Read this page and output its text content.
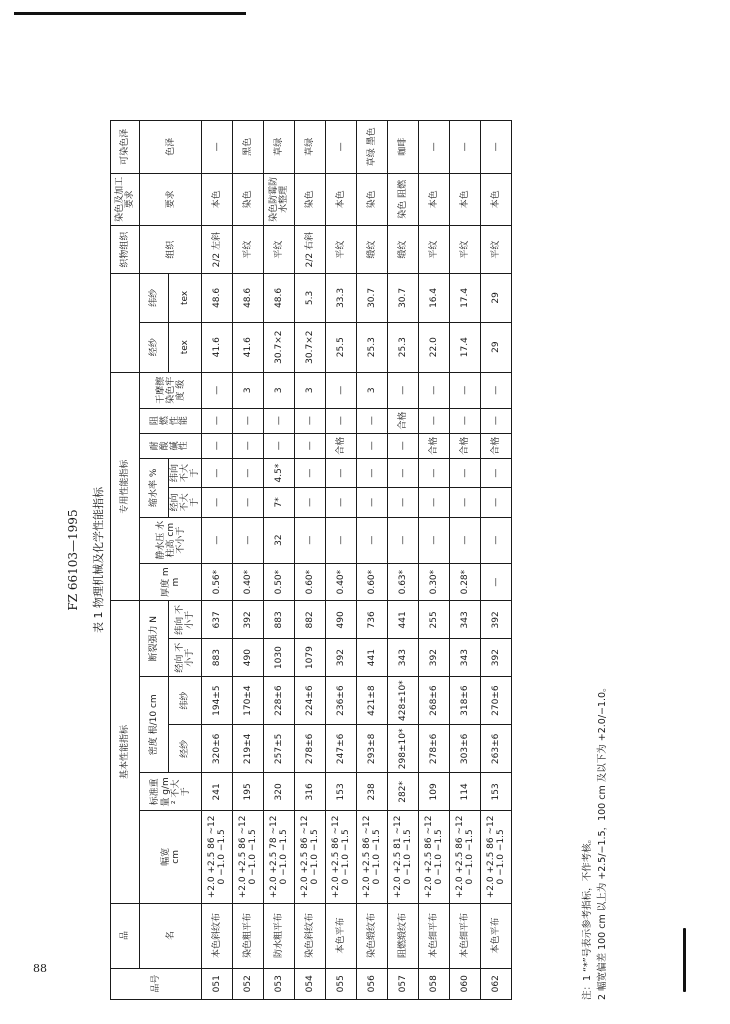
88
FZ 66103—1995 表 1 物理机械及化学性能指标
品号	品	基本性能指标						专用性能指标									织物组织	染色及加工要求	可染色泽
		幅宽
cm	标准重量 g/m² 不大于	密度 根/10 cm		断裂强力 N		厚度 mm	静水压 水柱高 cm 不小于	缩水率 %		耐酸碱性	阻燃性能	干摩擦染色牢度 级	经纱	纬纱			
	名																组织	要求	色泽
				经纱	纬纱	经向 不小于	纬向 不小于			经向 不大于	纬向 不大于				tex	tex			
051	本色斜纹布	+2.0 +2.5 86 ~120 −1.0 −1.5	241	320±6	194±5	883	637	0.56*	—	—	—	—	—	—	41.6	48.6	2/2 左斜	本色	—
052	染色粗平布	+2.0 +2.5 86 ~120 −1.0 −1.5	195	219±4	170±4	490	392	0.40*	—	—	—	—	—	3	41.6	48.6	平纹	染色	黑色
053	防水粗平布	+2.0 +2.5 78 ~120 −1.0 −1.5	320	257±5	228±6	1030	883	0.50*	32	7*	4.5*	—	—	3	30.7×2	48.6	平纹	染色防霉防水整理	草绿
054	染色斜纹布	+2.0 +2.5 86 ~120 −1.0 −1.5	316	278±6	224±6	1079	882	0.60*	—	—	—	—	—	3	30.7×2	5.3	2/2 右斜	染色	草绿
055	本色平布	+2.0 +2.5 86 ~120 −1.0 −1.5	153	247±6	236±6	392	490	0.40*	—	—	—	合格	—	—	25.5	33.3	平纹	本色	—
056	染色缎纹布	+2.0 +2.5 86 ~120 −1.0 −1.5	238	293±8	421±8	441	736	0.60*	—	—	—	—	—	3	25.3	30.7	缎纹	染色	草绿 墨色
057	阻燃缎纹布	+2.0 +2.5 81 ~120 −1.0 −1.5	282*	298±10*	428±10*	343	441	0.63*	—	—	—	—	合格	—	25.3	30.7	缎纹	染色 阻燃	咖啡
058	本色细平布	+2.0 +2.5 86 ~120 −1.0 −1.5	109	278±6	268±6	392	255	0.30*	—	—	—	合格	—	—	22.0	16.4	平纹	本色	—
060	本色细平布	+2.0 +2.5 86 ~120 −1.0 −1.5	114	303±6	318±6	343	343	0.28*	—	—	—	合格	—	—	17.4	17.4	平纹	本色	—
062	本色平布	+2.0 +2.5 86 ~120 −1.0 −1.5	153	263±6	270±6	392	392	—	—	—	—	合格	—	—	29	29	平纹	本色	—
注：1 “*”号表示参考指标，不作考核。 2 幅宽偏差 100 cm 以上为 +2.5/−1.5，100 cm 及以下为 +2.0/−1.0。
